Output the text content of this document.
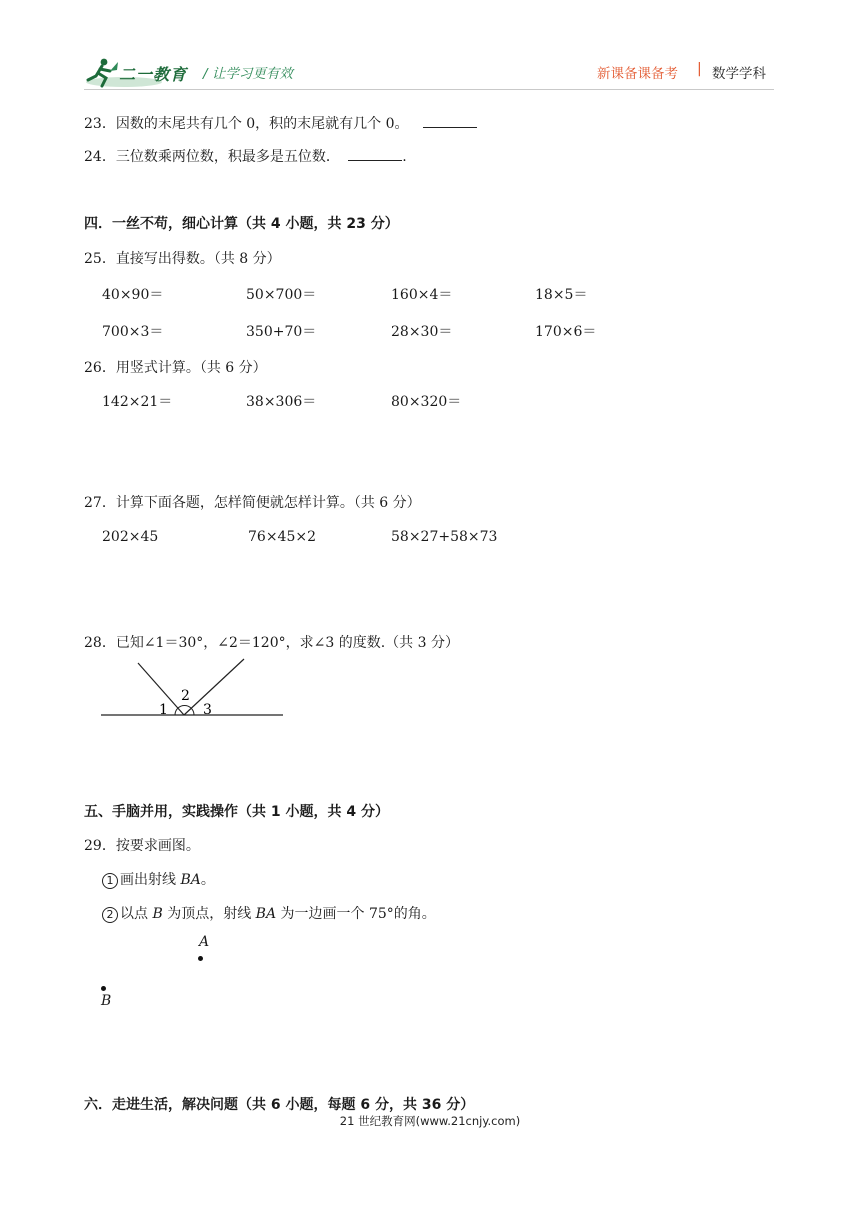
二一教育 / 让学习更有效	新课备课备考 | 数学学科
23．因数的末尾共有几个 0，积的末尾就有几个 0。
24．三位数乘两位数，积最多是五位数．	.
四．一丝不苟，细心计算（共 4 小题，共 23 分）
25．直接写出得数。（共 8 分）
40×90＝	50×700＝	160×4＝	18×5＝
700×3＝	350+70＝	28×30＝	170×6＝
26．用竖式计算。（共 6 分）
142×21＝	38×306＝	80×320＝
27．计算下面各题，怎样简便就怎样计算。（共 6 分）
202×45	76×45×2	58×27+58×73
28．已知∠1＝30°，∠2＝120°，求∠3 的度数.（共 3 分）
1
2
3
五、手脑并用，实践操作（共 1 小题，共 4 分）
29．按要求画图。
1 画出射线 BA。
2 以点 B 为顶点，射线 BA 为一边画一个 75°的角。
A
B
六．走进生活，解决问题（共 6 小题，每题 6 分，共 36 分）
21 世纪教育网(www.21cnjy.com)
